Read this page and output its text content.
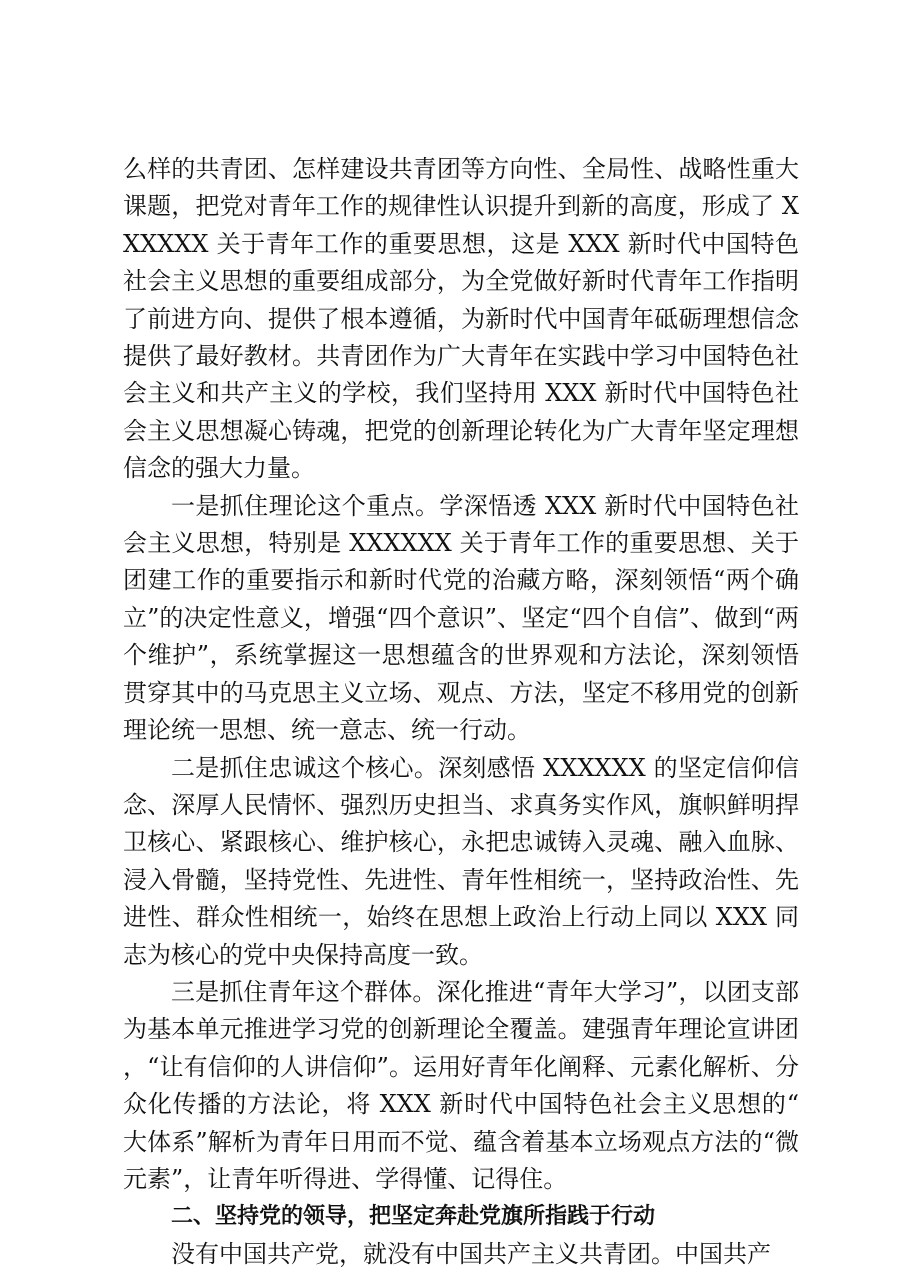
么样的共青团、怎样建设共青团等方向性、全局性、战略性重大课题，把党对青年工作的规律性认识提升到新的高度，形成了 XXXXXX 关于青年工作的重要思想，这是 XXX 新时代中国特色社会主义思想的重要组成部分，为全党做好新时代青年工作指明了前进方向、提供了根本遵循，为新时代中国青年砥砺理想信念提供了最好教材。共青团作为广大青年在实践中学习中国特色社会主义和共产主义的学校，我们坚持用 XXX 新时代中国特色社会主义思想凝心铸魂，把党的创新理论转化为广大青年坚定理想信念的强大力量。

一是抓住理论这个重点。学深悟透 XXX 新时代中国特色社会主义思想，特别是 XXXXXX 关于青年工作的重要思想、关于团建工作的重要指示和新时代党的治藏方略，深刻领悟“两个确立”的决定性意义，增强“四个意识”、坚定“四个自信”、做到“两个维护”，系统掌握这一思想蕴含的世界观和方法论，深刻领悟贯穿其中的马克思主义立场、观点、方法，坚定不移用党的创新理论统一思想、统一意志、统一行动。

二是抓住忠诚这个核心。深刻感悟 XXXXXX 的坚定信仰信念、深厚人民情怀、强烈历史担当、求真务实作风，旗帜鲜明捍卫核心、紧跟核心、维护核心，永把忠诚铸入灵魂、融入血脉、浸入骨髓，坚持党性、先进性、青年性相统一，坚持政治性、先进性、群众性相统一，始终在思想上政治上行动上同以 XXX 同志为核心的党中央保持高度一致。

三是抓住青年这个群体。深化推进“青年大学习”，以团支部为基本单元推进学习党的创新理论全覆盖。建强青年理论宣讲团，“让有信仰的人讲信仰”。运用好青年化阐释、元素化解析、分众化传播的方法论，将 XXX 新时代中国特色社会主义思想的“大体系”解析为青年日用而不觉、蕴含着基本立场观点方法的“微元素”，让青年听得进、学得懂、记得住。

二、坚持党的领导，把坚定奔赴党旗所指践于行动

没有中国共产党，就没有中国共产主义共青团。中国共产
